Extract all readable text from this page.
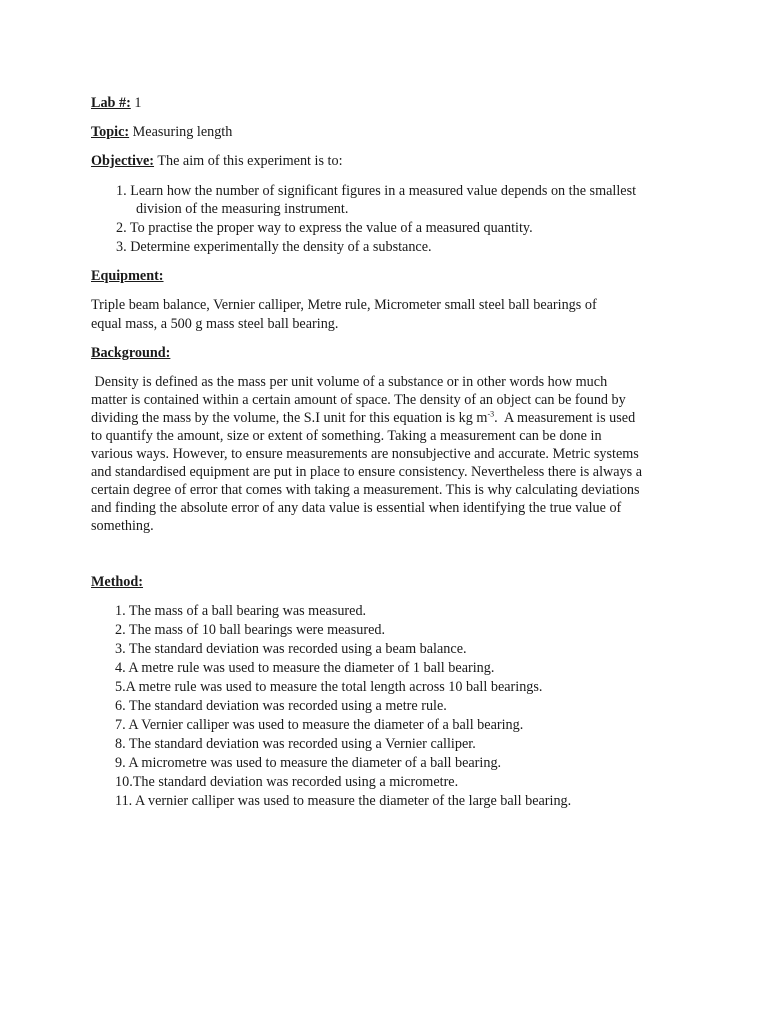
Lab #: 1
Topic: Measuring length
Objective: The aim of this experiment is to:
1. Learn how the number of significant figures in a measured value depends on the smallest
division of the measuring instrument.
2. To practise the proper way to express the value of a measured quantity.
3. Determine experimentally the density of a substance.
Equipment:
Triple beam balance, Vernier calliper, Metre rule, Micrometer small steel ball bearings of
equal mass, a 500 g mass steel ball bearing.
Background:
Density is defined as the mass per unit volume of a substance or in other words how much
matter is contained within a certain amount of space. The density of an object can be found by
dividing the mass by the volume, the S.I unit for this equation is kg $m^{-3}$.  A measurement is used
to quantify the amount, size or extent of something. Taking a measurement can be done in
various ways. However, to ensure measurements are nonsubjective and accurate. Metric systems
and standardised equipment are put in place to ensure consistency. Nevertheless there is always a
certain degree of error that comes with taking a measurement. This is why calculating deviations
and finding the absolute error of any data value is essential when identifying the true value of
something.
Method:
1. The mass of a ball bearing was measured.
2. The mass of 10 ball bearings were measured.
3. The standard deviation was recorded using a beam balance.
4. A metre rule was used to measure the diameter of 1 ball bearing.
5.A metre rule was used to measure the total length across 10 ball bearings.
6. The standard deviation was recorded using a metre rule.
7. A Vernier calliper was used to measure the diameter of a ball bearing.
8. The standard deviation was recorded using a Vernier calliper.
9. A micrometre was used to measure the diameter of a ball bearing.
10.The standard deviation was recorded using a micrometre.
11. A vernier calliper was used to measure the diameter of the large ball bearing.
